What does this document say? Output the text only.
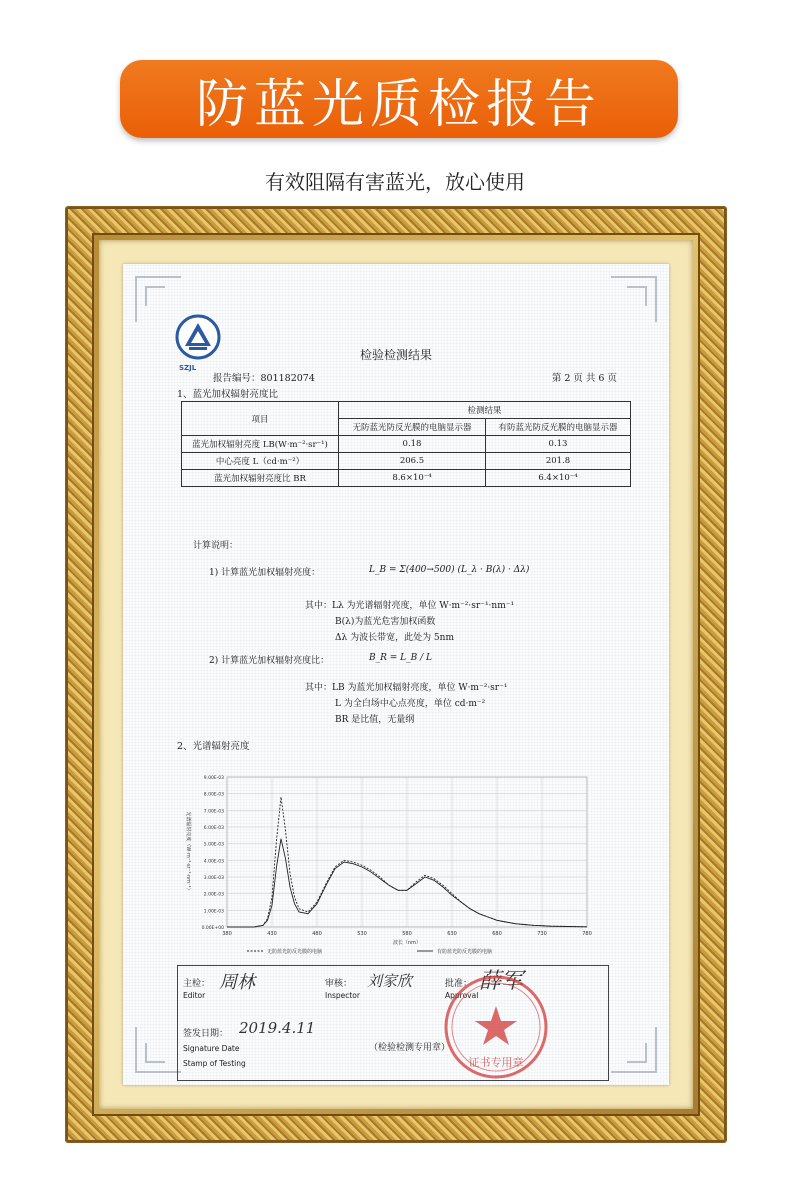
防蓝光质检报告
有效阻隔有害蓝光，放心使用
SZJL
检验检测结果
报告编号：801182074	第 2 页 共 6 页
1、蓝光加权辐射亮度比
项目	检测结果	
	无防蓝光防反光膜的电脑显示器	有防蓝光防反光膜的电脑显示器
蓝光加权辐射亮度 LB(W·m⁻²·sr⁻¹)	0.18	0.13
中心亮度 L（cd·m⁻²）	206.5	201.8
蓝光加权辐射亮度比 BR	8.6×10⁻⁴	6.4×10⁻⁴
计算说明：
1) 计算蓝光加权辐射亮度：	L_B = Σ(400→500) (L_λ · B(λ) · Δλ)
其中：Lλ 为光谱辐射亮度，单位 W·m⁻²·sr⁻¹·nm⁻¹
B(λ)为蓝光危害加权函数
Δλ 为波长带宽，此处为 5nm
2) 计算蓝光加权辐射亮度比：	B_R = L_B / L
其中：LB 为蓝光加权辐射亮度，单位 W·m⁻²·sr⁻¹
L 为全白场中心点亮度，单位 cd·m⁻²
BR 是比值，无量纲
2、光谱辐射亮度
0.00E+00
1.00E-03
2.00E-03
3.00E-03
4.00E-03
5.00E-03
6.00E-03
7.00E-03
8.00E-03
9.00E-03
380	430	480	530	580	630	680	730	780
波长（nm）
光谱辐射亮度（W·m⁻²·sr⁻¹·nm⁻¹）
无防蓝光防反光膜的电脑	有防蓝光防反光膜的电脑
主检：
Editor
周林	审核：
Inspector
刘家欣	批准：
Approval
薛军
签发日期： 2019.4.11
Signature Date
Stamp of Testing
（检验检测专用章）
证书专用章
